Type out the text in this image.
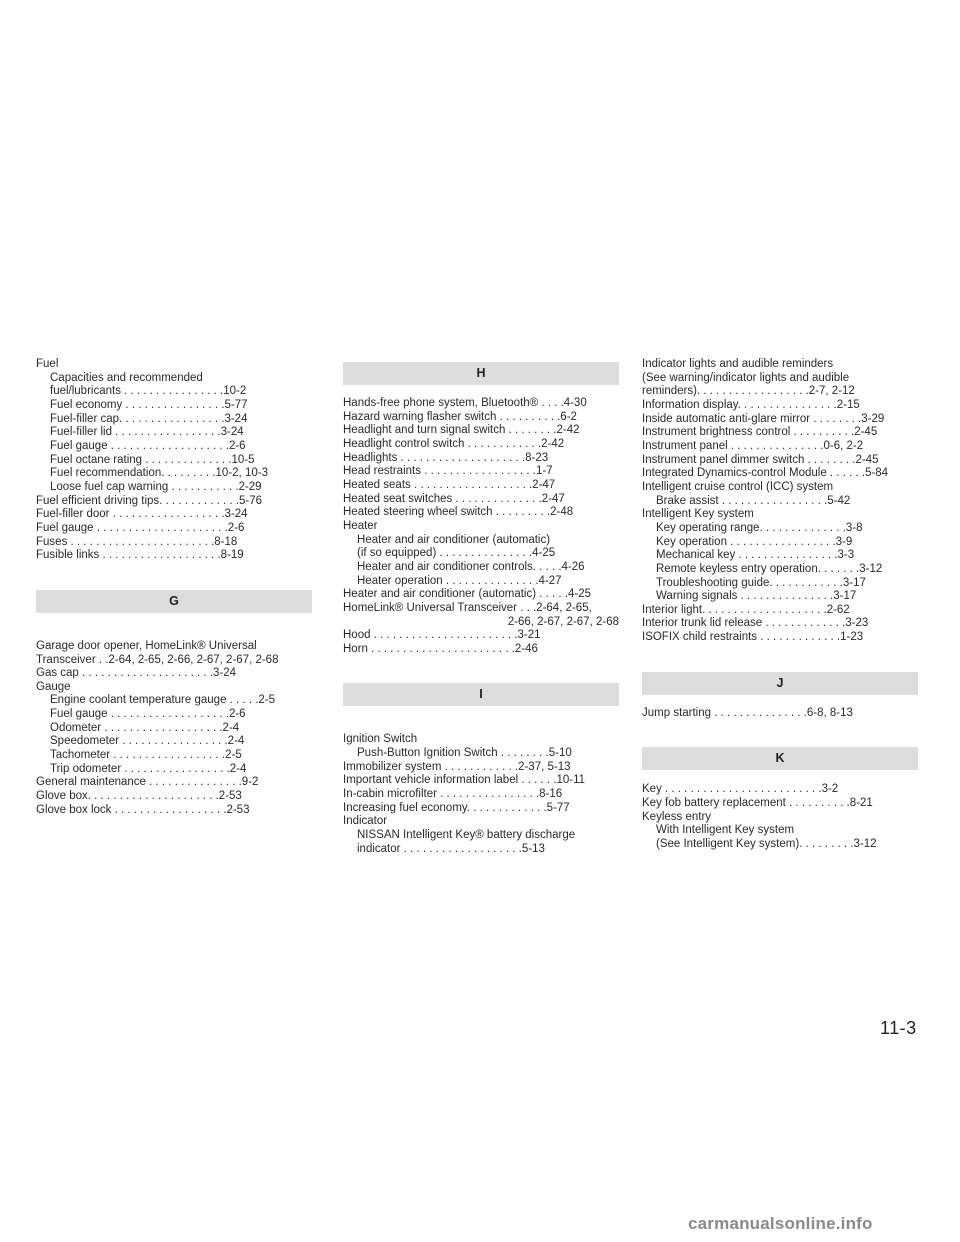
Fuel
Capacities and recommended
fuel/lubricants . . . . . . . . . . . . . . . .10-2
Fuel economy . . . . . . . . . . . . . . . .5-77
Fuel-filler cap. . . . . . . . . . . . . . . . .3-24
Fuel-filler lid . . . . . . . . . . . . . . . . .3-24
Fuel gauge . . . . . . . . . . . . . . . . . . .2-6
Fuel octane rating . . . . . . . . . . . . . .10-5
Fuel recommendation. . . . . . . . .10-2, 10-3
Loose fuel cap warning . . . . . . . . . . .2-29
Fuel efficient driving tips. . . . . . . . . . . . .5-76
Fuel-filler door . . . . . . . . . . . . . . . . . .3-24
Fuel gauge . . . . . . . . . . . . . . . . . . . . .2-6
Fuses . . . . . . . . . . . . . . . . . . . . . . .8-18
Fusible links . . . . . . . . . . . . . . . . . . .8-19
G
Garage door opener, HomeLink® Universal
Transceiver . .2-64, 2-65, 2-66, 2-67, 2-67, 2-68
Gas cap . . . . . . . . . . . . . . . . . . . . .3-24
Gauge
Engine coolant temperature gauge . . . . .2-5
Fuel gauge . . . . . . . . . . . . . . . . . . .2-6
Odometer . . . . . . . . . . . . . . . . . . .2-4
Speedometer . . . . . . . . . . . . . . . . .2-4
Tachometer . . . . . . . . . . . . . . . . . .2-5
Trip odometer . . . . . . . . . . . . . . . . .2-4
General maintenance . . . . . . . . . . . . . . .9-2
Glove box. . . . . . . . . . . . . . . . . . . . .2-53
Glove box lock . . . . . . . . . . . . . . . . . .2-53
H
Hands-free phone system, Bluetooth® . . . .4-30
Hazard warning flasher switch . . . . . . . . . .6-2
Headlight and turn signal switch . . . . . . . .2-42
Headlight control switch . . . . . . . . . . . .2-42
Headlights . . . . . . . . . . . . . . . . . . . .8-23
Head restraints . . . . . . . . . . . . . . . . . .1-7
Heated seats . . . . . . . . . . . . . . . . . . .2-47
Heated seat switches . . . . . . . . . . . . . .2-47
Heated steering wheel switch . . . . . . . . .2-48
Heater
Heater and air conditioner (automatic)
(if so equipped) . . . . . . . . . . . . . . .4-25
Heater and air conditioner controls. . . . .4-26
Heater operation . . . . . . . . . . . . . . .4-27
Heater and air conditioner (automatic) . . . . .4-25
HomeLink® Universal Transceiver . . .2-64, 2-65,
2-66, 2-67, 2-67, 2-68
Hood . . . . . . . . . . . . . . . . . . . . . . .3-21
Horn . . . . . . . . . . . . . . . . . . . . . . .2-46
I
Ignition Switch
Push-Button Ignition Switch . . . . . . . .5-10
Immobilizer system . . . . . . . . . . . .2-37, 5-13
Important vehicle information label . . . . . .10-11
In-cabin microfilter . . . . . . . . . . . . . . . .8-16
Increasing fuel economy. . . . . . . . . . . . .5-77
Indicator
NISSAN Intelligent Key® battery discharge
indicator . . . . . . . . . . . . . . . . . . .5-13
Indicator lights and audible reminders
(See warning/indicator lights and audible
reminders). . . . . . . . . . . . . . . . . .2-7, 2-12
Information display. . . . . . . . . . . . . . . .2-15
Inside automatic anti-glare mirror . . . . . . . .3-29
Instrument brightness control . . . . . . . . . .2-45
Instrument panel . . . . . . . . . . . . . . .0-6, 2-2
Instrument panel dimmer switch . . . . . . . .2-45
Integrated Dynamics-control Module . . . . . .5-84
Intelligent cruise control (ICC) system
Brake assist . . . . . . . . . . . . . . . . .5-42
Intelligent Key system
Key operating range. . . . . . . . . . . . . .3-8
Key operation . . . . . . . . . . . . . . . . .3-9
Mechanical key . . . . . . . . . . . . . . . .3-3
Remote keyless entry operation. . . . . . .3-12
Troubleshooting guide. . . . . . . . . . . .3-17
Warning signals . . . . . . . . . . . . . . .3-17
Interior light. . . . . . . . . . . . . . . . . . . .2-62
Interior trunk lid release . . . . . . . . . . . . .3-23
ISOFIX child restraints . . . . . . . . . . . . .1-23
J
Jump starting . . . . . . . . . . . . . . .6-8, 8-13
K
Key . . . . . . . . . . . . . . . . . . . . . . . . .3-2
Key fob battery replacement . . . . . . . . . .8-21
Keyless entry
With Intelligent Key system
(See Intelligent Key system). . . . . . . . .3-12
11-3
carmanualsonline.info
